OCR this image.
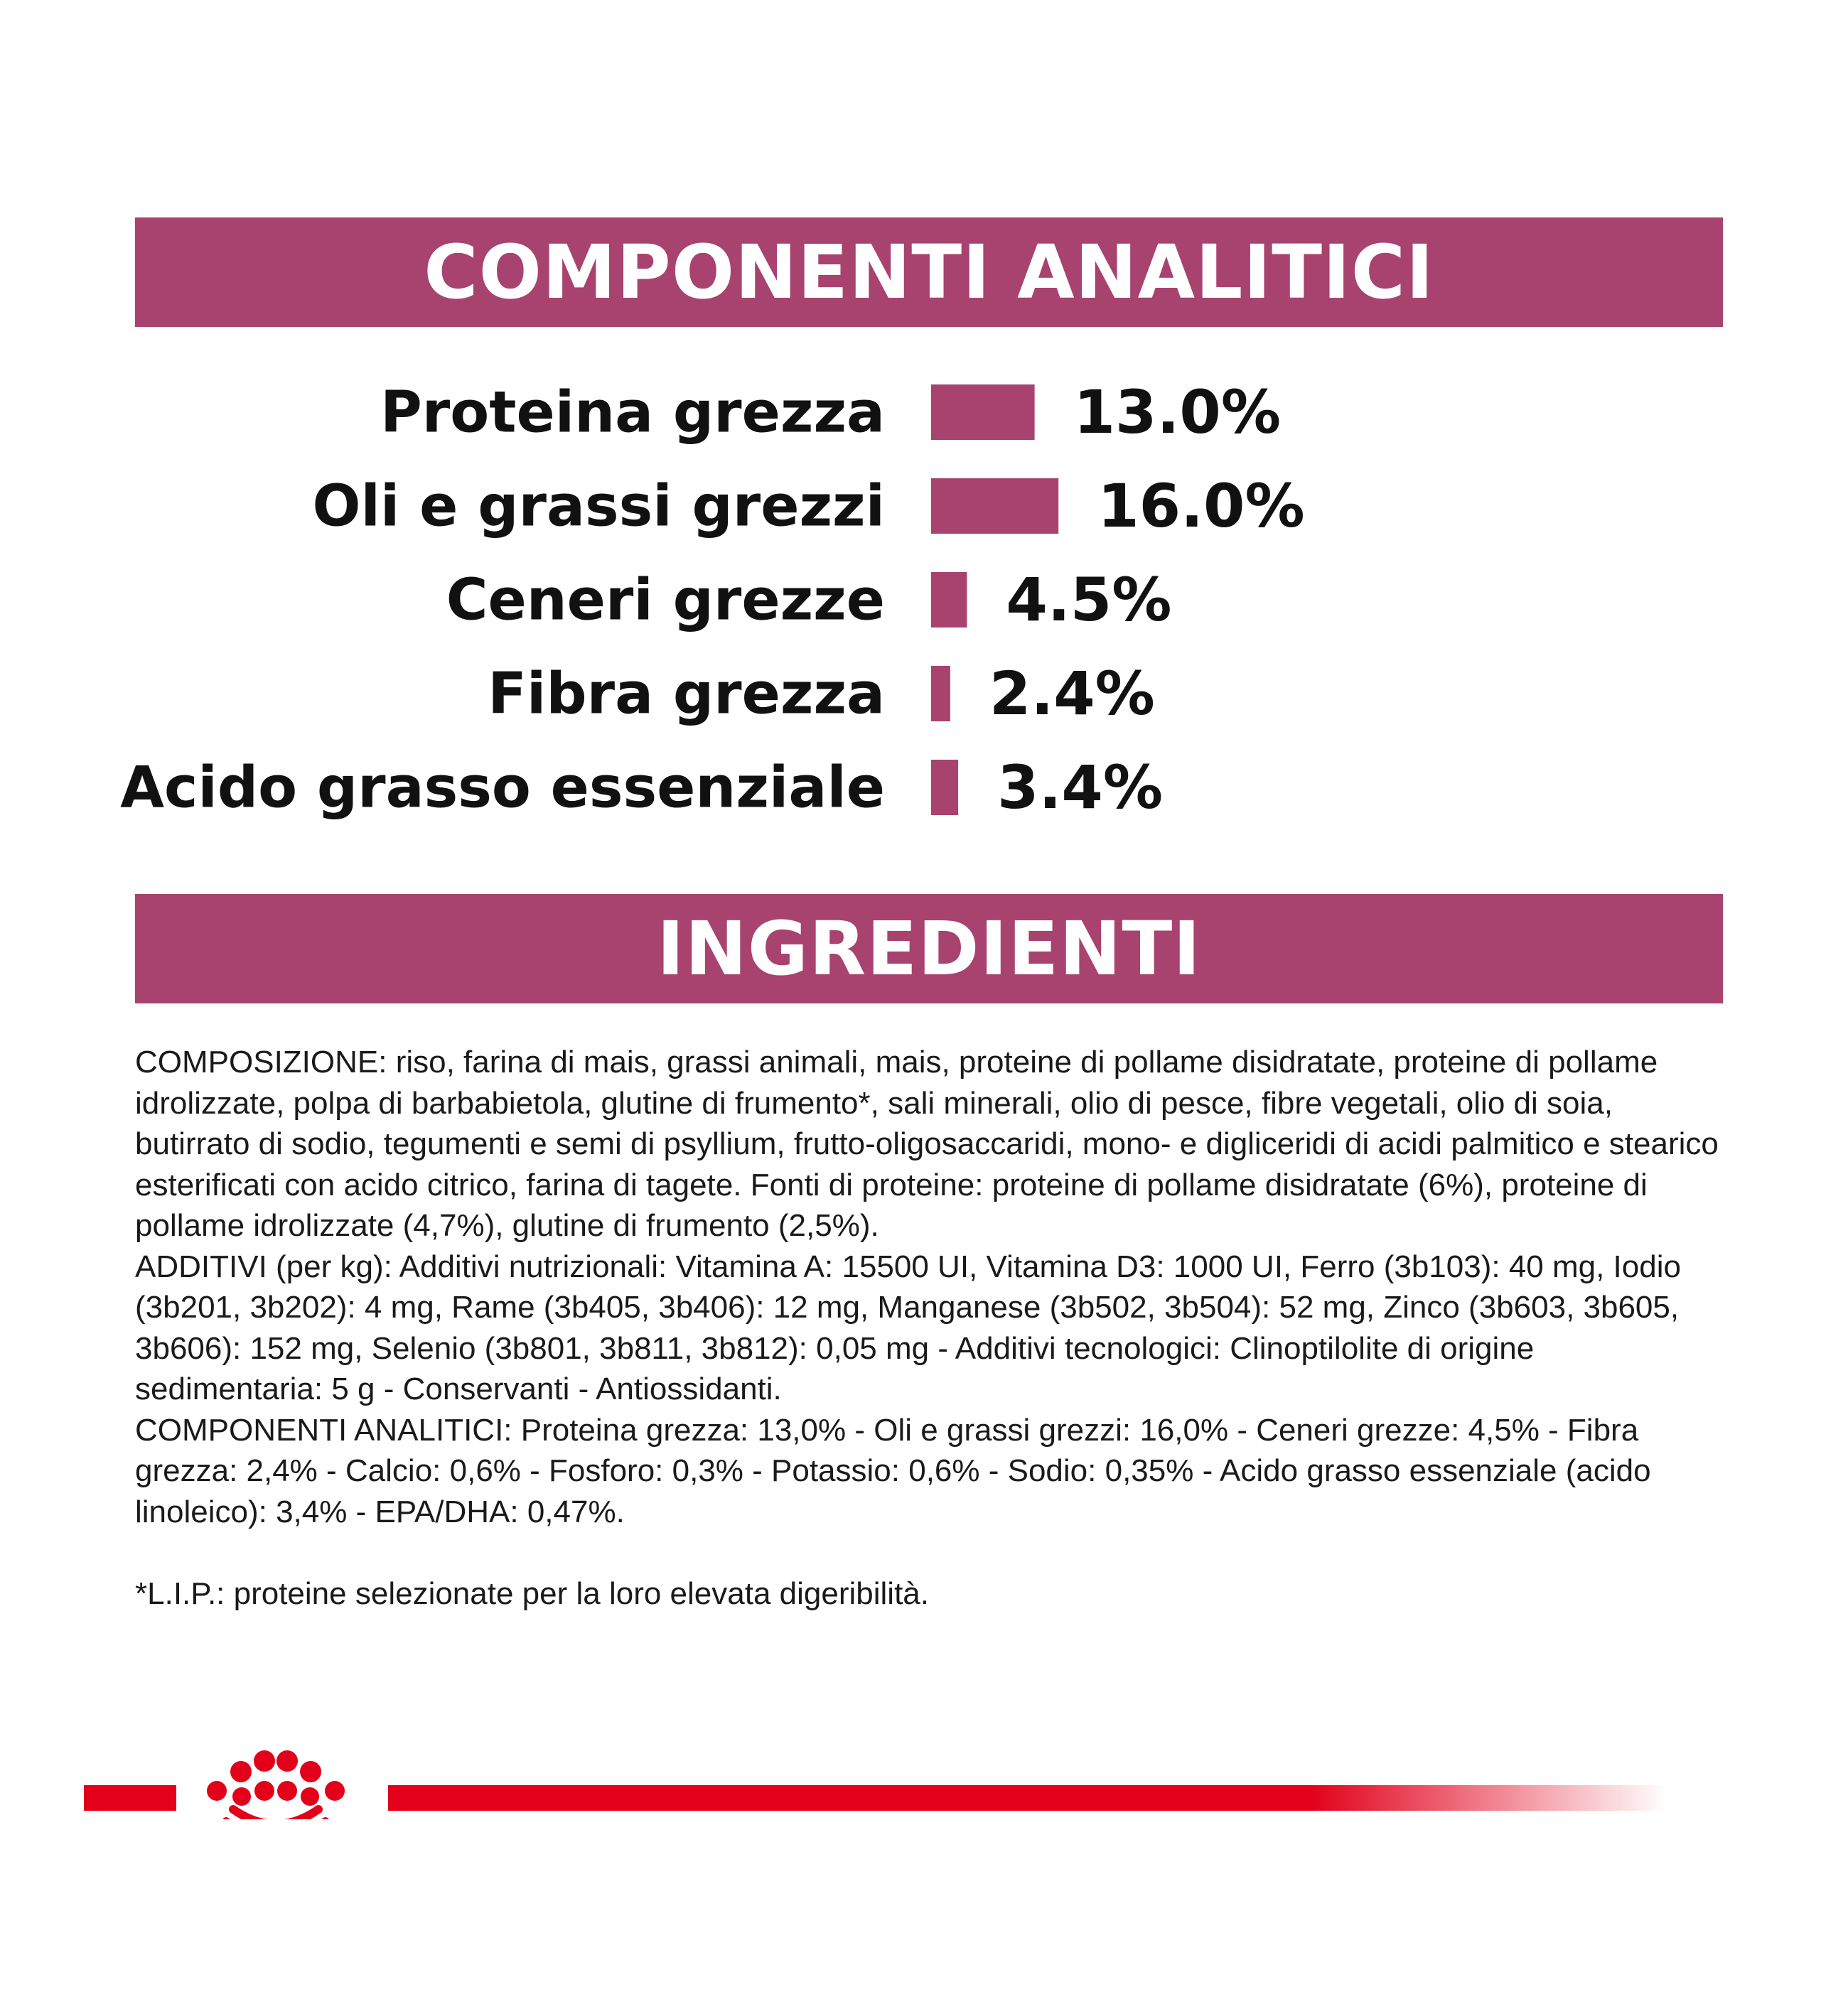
COMPONENTI ANALITICI
Proteina grezza	13.0%
Oli e grassi grezzi	16.0%
Ceneri grezze 4.5%
Fibra grezza 2.4%
Acido grasso essenziale 3.4%
INGREDIENTI

COMPOSIZIONE: riso, farina di mais, grassi animali, mais, proteine di pollame disidratate, proteine di pollame idrolizzate, polpa di barbabietola, glutine di frumento*, sali minerali, olio di pesce, fibre vegetali, olio di soia, butirrato di sodio, tegumenti e semi di psyllium, frutto-oligosaccaridi, mono- e digliceridi di acidi palmitico e stearico esterificati con acido citrico, farina di tagete. Fonti di proteine: proteine di pollame disidratate (6%), proteine di pollame idrolizzate (4,7%), glutine di frumento (2,5%).

ADDITIVI (per kg): Additivi nutrizionali: Vitamina A: 15500 UI, Vitamina D3: 1000 UI, Ferro (3b103): 40 mg, Iodio (3b201, 3b202): 4 mg, Rame (3b405, 3b406): 12 mg, Manganese (3b502, 3b504): 52 mg, Zinco (3b603, 3b605, 3b606): 152 mg, Selenio (3b801, 3b811, 3b812): 0,05 mg - Additivi tecnologici: Clinoptilolite di origine sedimentaria: 5 g - Conservanti - Antiossidanti.

COMPONENTI ANALITICI: Proteina grezza: 13,0% - Oli e grassi grezzi: 16,0% - Ceneri grezze: 4,5% - Fibra grezza: 2,4% - Calcio: 0,6% - Fosforo: 0,3% - Potassio: 0,6% - Sodio: 0,35% - Acido grasso essenziale (acido linoleico): 3,4% - EPA/DHA: 0,47%.

*L.I.P.: proteine selezionate per la loro elevata digeribilità.
